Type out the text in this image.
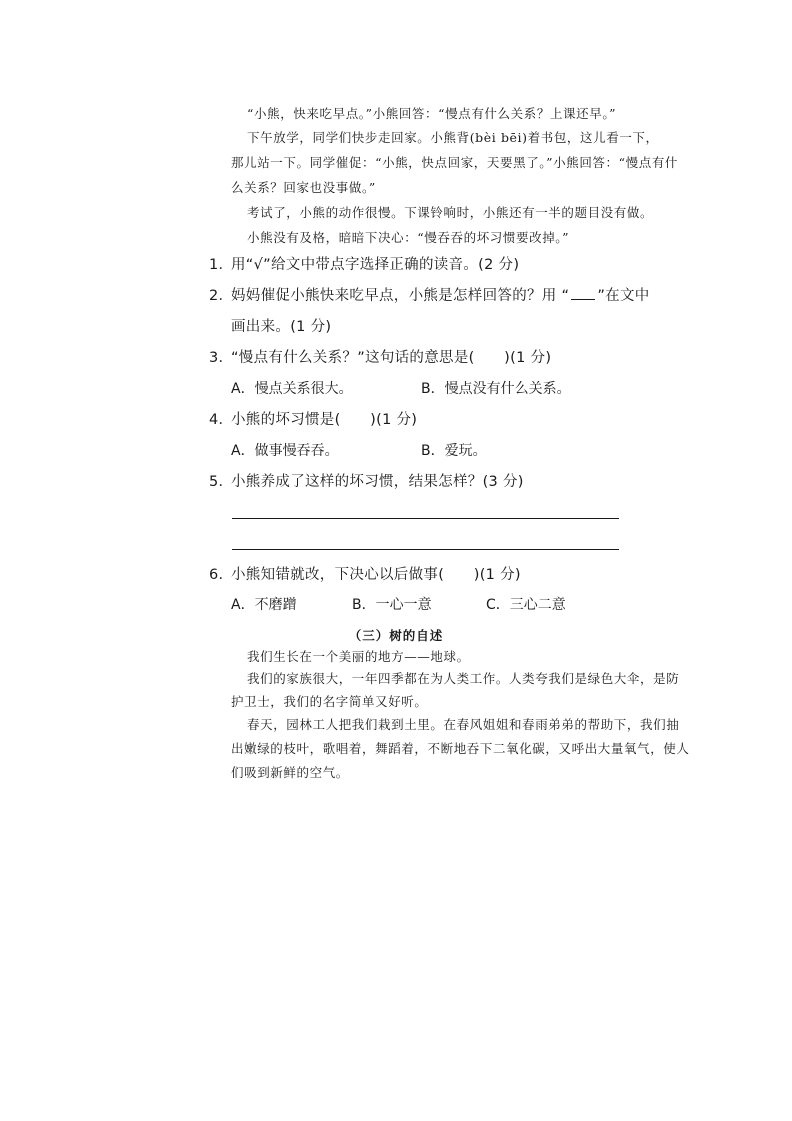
“小熊，快来吃早点。”小熊回答：“慢点有什么关系？上课还早。”
下午放学，同学们快步走回家。小熊背(bèi bēi)着书包，这儿看一下，
那儿站一下。同学催促：“小熊，快点回家，天要黑了。”小熊回答：“慢点有什
么关系？回家也没事做。”
考试了，小熊的动作很慢。下课铃响时，小熊还有一半的题目没有做。
小熊没有及格，暗暗下决心：“慢吞吞的坏习惯要改掉。”
1．用“√”给文中带点字选择正确的读音。(2 分)
2．妈妈催促小熊快来吃早点，小熊是怎样回答的？用 “ ”在文中
画出来。(1 分)
3．“慢点有什么关系？”这句话的意思是(　　)(1 分)
A．慢点关系很大。	B．慢点没有什么关系。
4．小熊的坏习惯是(　　)(1 分)
A．做事慢吞吞。	B．爱玩。
5．小熊养成了这样的坏习惯，结果怎样？(3 分)
6．小熊知错就改，下决心以后做事(　　)(1 分)
A．不磨蹭	B．一心一意	C．三心二意
（三）树的自述
我们生长在一个美丽的地方——地球。
我们的家族很大，一年四季都在为人类工作。人类夸我们是绿色大伞，是防
护卫士，我们的名字简单又好听。
春天，园林工人把我们栽到土里。在春风姐姐和春雨弟弟的帮助下，我们抽
出嫩绿的枝叶，歌唱着，舞蹈着，不断地吞下二氧化碳，又呼出大量氧气，使人
们吸到新鲜的空气。
